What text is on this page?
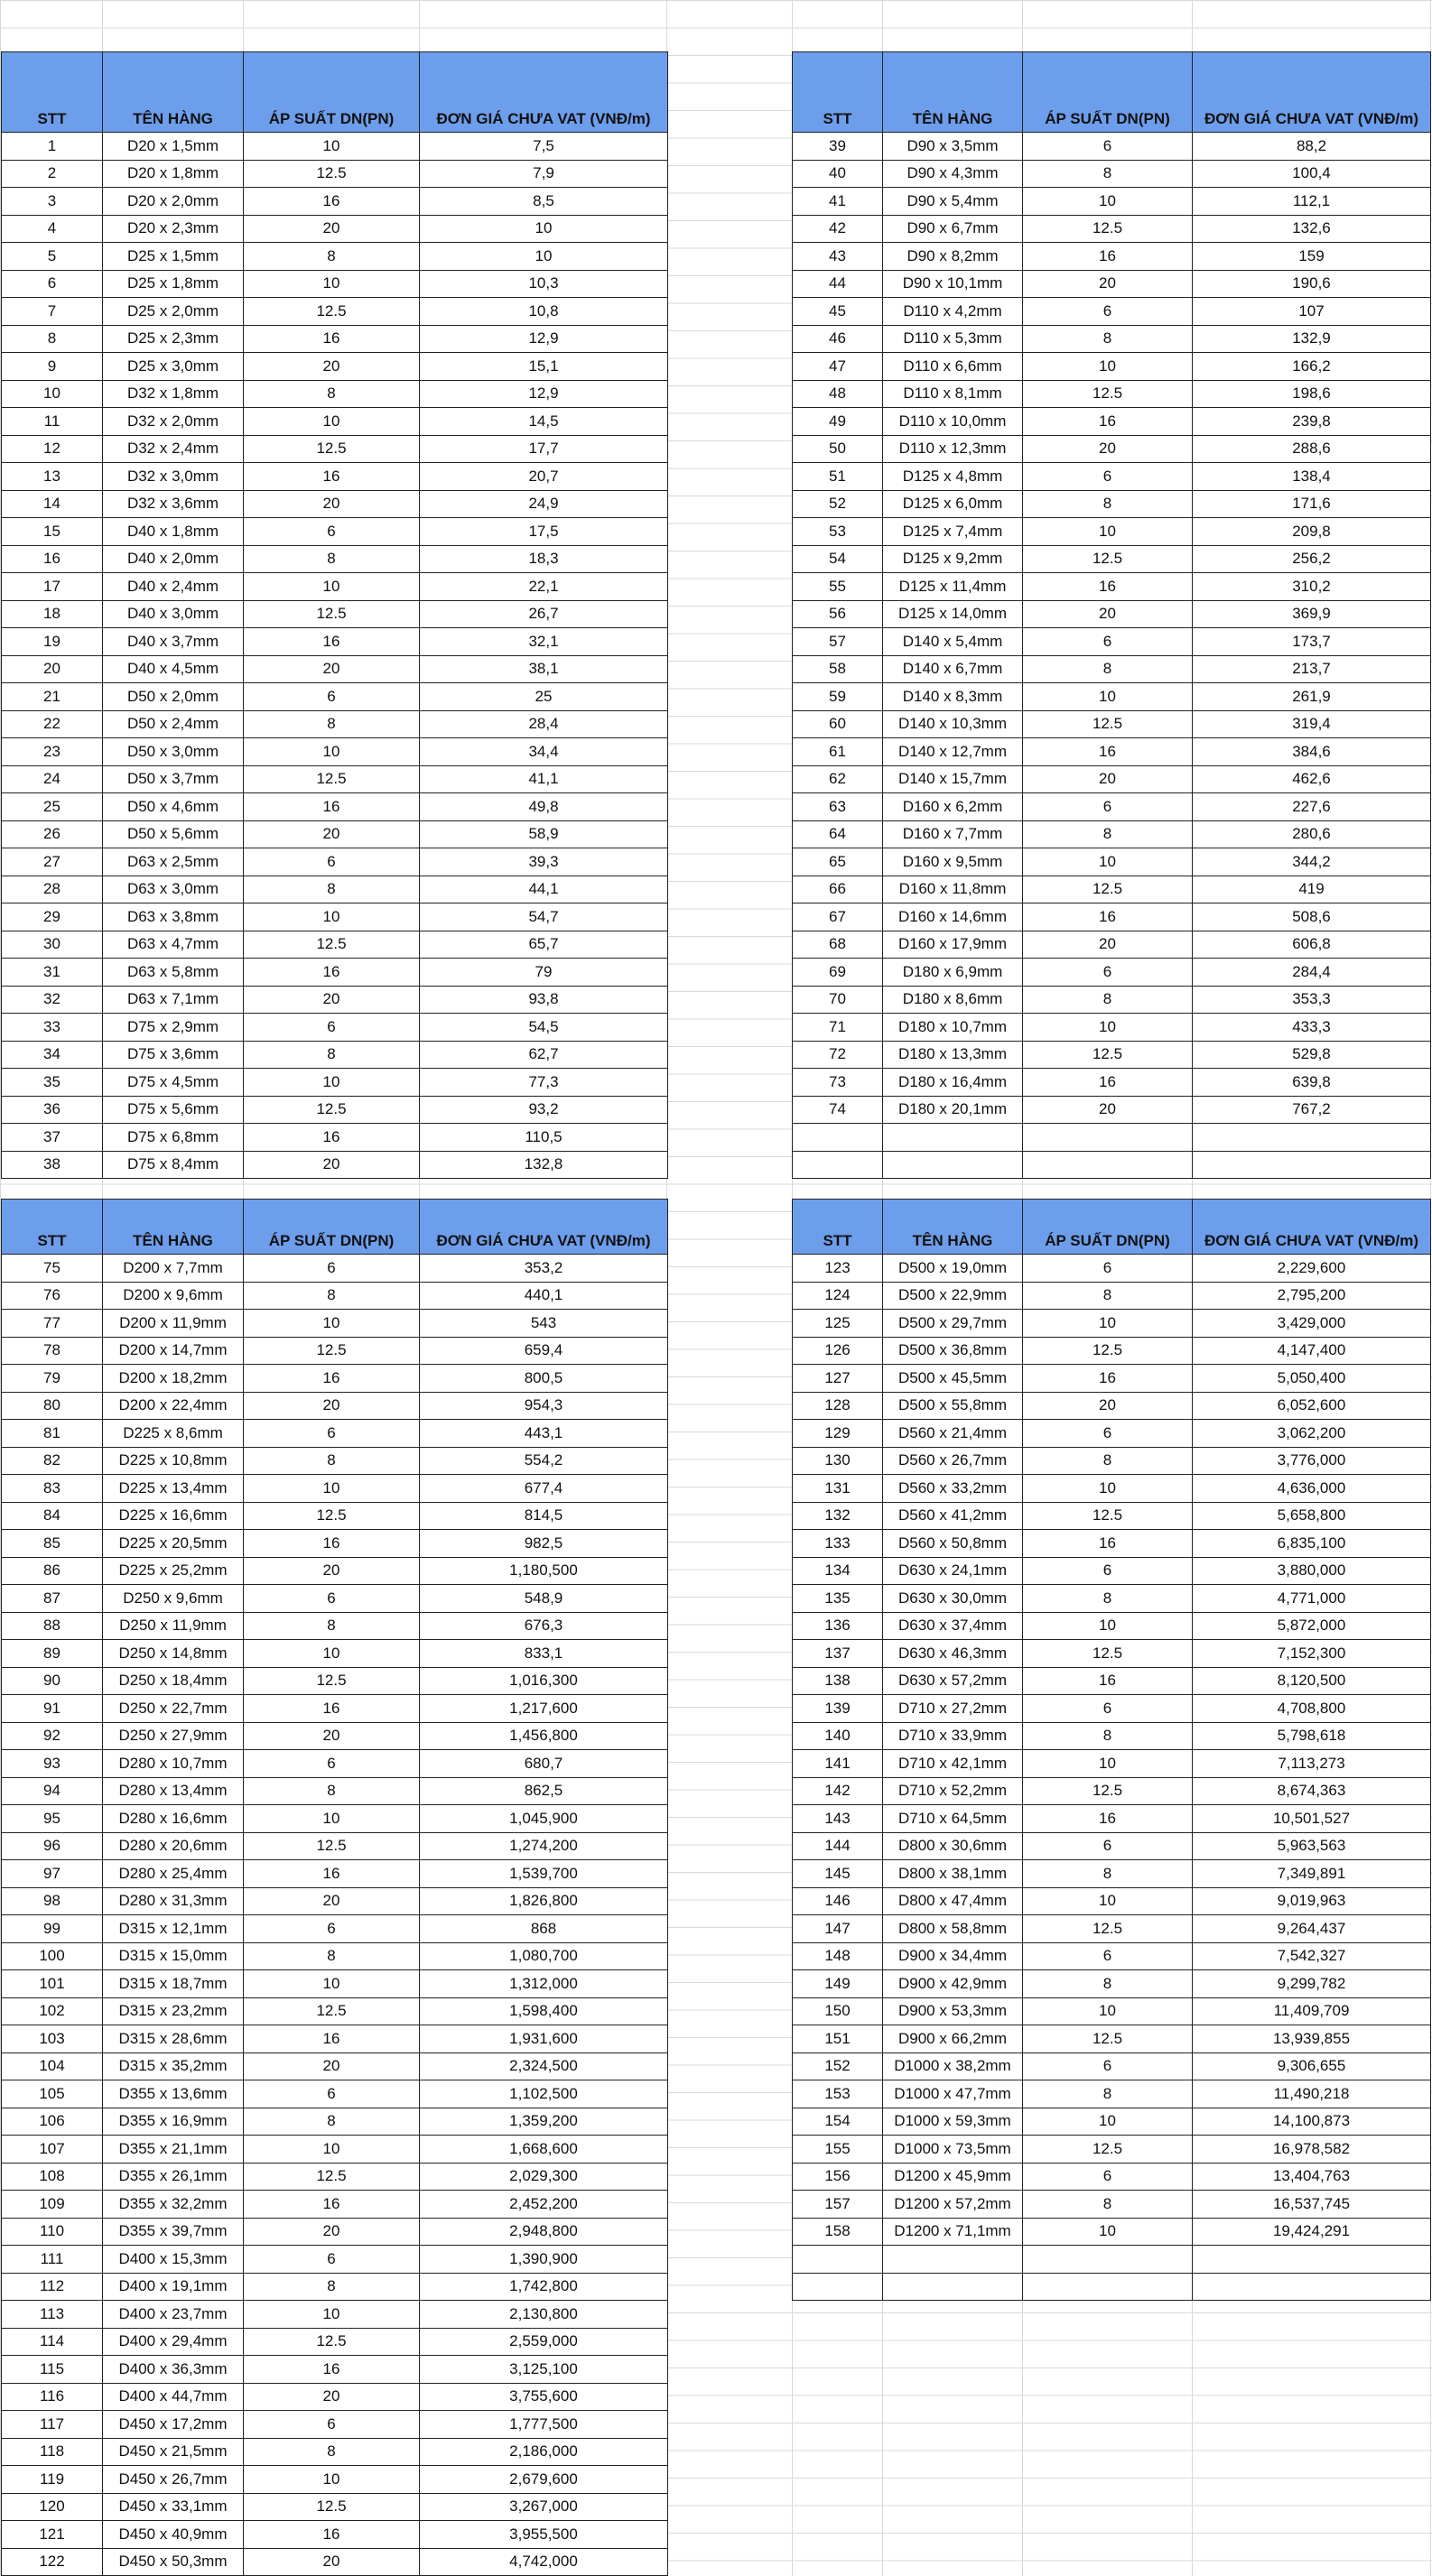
STT	TÊN HÀNG	ÁP SUẤT DN(PN)	ĐƠN GIÁ CHƯA VAT (VNĐ/m)
1	D20 x 1,5mm	10	7,5
2	D20 x 1,8mm	12.5	7,9
3	D20 x 2,0mm	16	8,5
4	D20 x 2,3mm	20	10
5	D25 x 1,5mm	8	10
6	D25 x 1,8mm	10	10,3
7	D25 x 2,0mm	12.5	10,8
8	D25 x 2,3mm	16	12,9
9	D25 x 3,0mm	20	15,1
10	D32 x 1,8mm	8	12,9
11	D32 x 2,0mm	10	14,5
12	D32 x 2,4mm	12.5	17,7
13	D32 x 3,0mm	16	20,7
14	D32 x 3,6mm	20	24,9
15	D40 x 1,8mm	6	17,5
16	D40 x 2,0mm	8	18,3
17	D40 x 2,4mm	10	22,1
18	D40 x 3,0mm	12.5	26,7
19	D40 x 3,7mm	16	32,1
20	D40 x 4,5mm	20	38,1
21	D50 x 2,0mm	6	25
22	D50 x 2,4mm	8	28,4
23	D50 x 3,0mm	10	34,4
24	D50 x 3,7mm	12.5	41,1
25	D50 x 4,6mm	16	49,8
26	D50 x 5,6mm	20	58,9
27	D63 x 2,5mm	6	39,3
28	D63 x 3,0mm	8	44,1
29	D63 x 3,8mm	10	54,7
30	D63 x 4,7mm	12.5	65,7
31	D63 x 5,8mm	16	79
32	D63 x 7,1mm	20	93,8
33	D75 x 2,9mm	6	54,5
34	D75 x 3,6mm	8	62,7
35	D75 x 4,5mm	10	77,3
36	D75 x 5,6mm	12.5	93,2
37	D75 x 6,8mm	16	110,5
38	D75 x 8,4mm	20	132,8
STT	TÊN HÀNG	ÁP SUẤT DN(PN)	ĐƠN GIÁ CHƯA VAT (VNĐ/m)
39	D90 x 3,5mm	6	88,2
40	D90 x 4,3mm	8	100,4
41	D90 x 5,4mm	10	112,1
42	D90 x 6,7mm	12.5	132,6
43	D90 x 8,2mm	16	159
44	D90 x 10,1mm	20	190,6
45	D110 x 4,2mm	6	107
46	D110 x 5,3mm	8	132,9
47	D110 x 6,6mm	10	166,2
48	D110 x 8,1mm	12.5	198,6
49	D110 x 10,0mm	16	239,8
50	D110 x 12,3mm	20	288,6
51	D125 x 4,8mm	6	138,4
52	D125 x 6,0mm	8	171,6
53	D125 x 7,4mm	10	209,8
54	D125 x 9,2mm	12.5	256,2
55	D125 x 11,4mm	16	310,2
56	D125 x 14,0mm	20	369,9
57	D140 x 5,4mm	6	173,7
58	D140 x 6,7mm	8	213,7
59	D140 x 8,3mm	10	261,9
60	D140 x 10,3mm	12.5	319,4
61	D140 x 12,7mm	16	384,6
62	D140 x 15,7mm	20	462,6
63	D160 x 6,2mm	6	227,6
64	D160 x 7,7mm	8	280,6
65	D160 x 9,5mm	10	344,2
66	D160 x 11,8mm	12.5	419
67	D160 x 14,6mm	16	508,6
68	D160 x 17,9mm	20	606,8
69	D180 x 6,9mm	6	284,4
70	D180 x 8,6mm	8	353,3
71	D180 x 10,7mm	10	433,3
72	D180 x 13,3mm	12.5	529,8
73	D180 x 16,4mm	16	639,8
74	D180 x 20,1mm	20	767,2

STT	TÊN HÀNG	ÁP SUẤT DN(PN)	ĐƠN GIÁ CHƯA VAT (VNĐ/m)
75	D200 x 7,7mm	6	353,2
76	D200 x 9,6mm	8	440,1
77	D200 x 11,9mm	10	543
78	D200 x 14,7mm	12.5	659,4
79	D200 x 18,2mm	16	800,5
80	D200 x 22,4mm	20	954,3
81	D225 x 8,6mm	6	443,1
82	D225 x 10,8mm	8	554,2
83	D225 x 13,4mm	10	677,4
84	D225 x 16,6mm	12.5	814,5
85	D225 x 20,5mm	16	982,5
86	D225 x 25,2mm	20	1,180,500
87	D250 x 9,6mm	6	548,9
88	D250 x 11,9mm	8	676,3
89	D250 x 14,8mm	10	833,1
90	D250 x 18,4mm	12.5	1,016,300
91	D250 x 22,7mm	16	1,217,600
92	D250 x 27,9mm	20	1,456,800
93	D280 x 10,7mm	6	680,7
94	D280 x 13,4mm	8	862,5
95	D280 x 16,6mm	10	1,045,900
96	D280 x 20,6mm	12.5	1,274,200
97	D280 x 25,4mm	16	1,539,700
98	D280 x 31,3mm	20	1,826,800
99	D315 x 12,1mm	6	868
100	D315 x 15,0mm	8	1,080,700
101	D315 x 18,7mm	10	1,312,000
102	D315 x 23,2mm	12.5	1,598,400
103	D315 x 28,6mm	16	1,931,600
104	D315 x 35,2mm	20	2,324,500
105	D355 x 13,6mm	6	1,102,500
106	D355 x 16,9mm	8	1,359,200
107	D355 x 21,1mm	10	1,668,600
108	D355 x 26,1mm	12.5	2,029,300
109	D355 x 32,2mm	16	2,452,200
110	D355 x 39,7mm	20	2,948,800
111	D400 x 15,3mm	6	1,390,900
112	D400 x 19,1mm	8	1,742,800
113	D400 x 23,7mm	10	2,130,800
114	D400 x 29,4mm	12.5	2,559,000
115	D400 x 36,3mm	16	3,125,100
116	D400 x 44,7mm	20	3,755,600
117	D450 x 17,2mm	6	1,777,500
118	D450 x 21,5mm	8	2,186,000
119	D450 x 26,7mm	10	2,679,600
120	D450 x 33,1mm	12.5	3,267,000
121	D450 x 40,9mm	16	3,955,500
122	D450 x 50,3mm	20	4,742,000
STT	TÊN HÀNG	ÁP SUẤT DN(PN)	ĐƠN GIÁ CHƯA VAT (VNĐ/m)
123	D500 x 19,0mm	6	2,229,600
124	D500 x 22,9mm	8	2,795,200
125	D500 x 29,7mm	10	3,429,000
126	D500 x 36,8mm	12.5	4,147,400
127	D500 x 45,5mm	16	5,050,400
128	D500 x 55,8mm	20	6,052,600
129	D560 x 21,4mm	6	3,062,200
130	D560 x 26,7mm	8	3,776,000
131	D560 x 33,2mm	10	4,636,000
132	D560 x 41,2mm	12.5	5,658,800
133	D560 x 50,8mm	16	6,835,100
134	D630 x 24,1mm	6	3,880,000
135	D630 x 30,0mm	8	4,771,000
136	D630 x 37,4mm	10	5,872,000
137	D630 x 46,3mm	12.5	7,152,300
138	D630 x 57,2mm	16	8,120,500
139	D710 x 27,2mm	6	4,708,800
140	D710 x 33,9mm	8	5,798,618
141	D710 x 42,1mm	10	7,113,273
142	D710 x 52,2mm	12.5	8,674,363
143	D710 x 64,5mm	16	10,501,527
144	D800 x 30,6mm	6	5,963,563
145	D800 x 38,1mm	8	7,349,891
146	D800 x 47,4mm	10	9,019,963
147	D800 x 58,8mm	12.5	9,264,437
148	D900 x 34,4mm	6	7,542,327
149	D900 x 42,9mm	8	9,299,782
150	D900 x 53,3mm	10	11,409,709
151	D900 x 66,2mm	12.5	13,939,855
152	D1000 x 38,2mm	6	9,306,655
153	D1000 x 47,7mm	8	11,490,218
154	D1000 x 59,3mm	10	14,100,873
155	D1000 x 73,5mm	12.5	16,978,582
156	D1200 x 45,9mm	6	13,404,763
157	D1200 x 57,2mm	8	16,537,745
158	D1200 x 71,1mm	10	19,424,291
